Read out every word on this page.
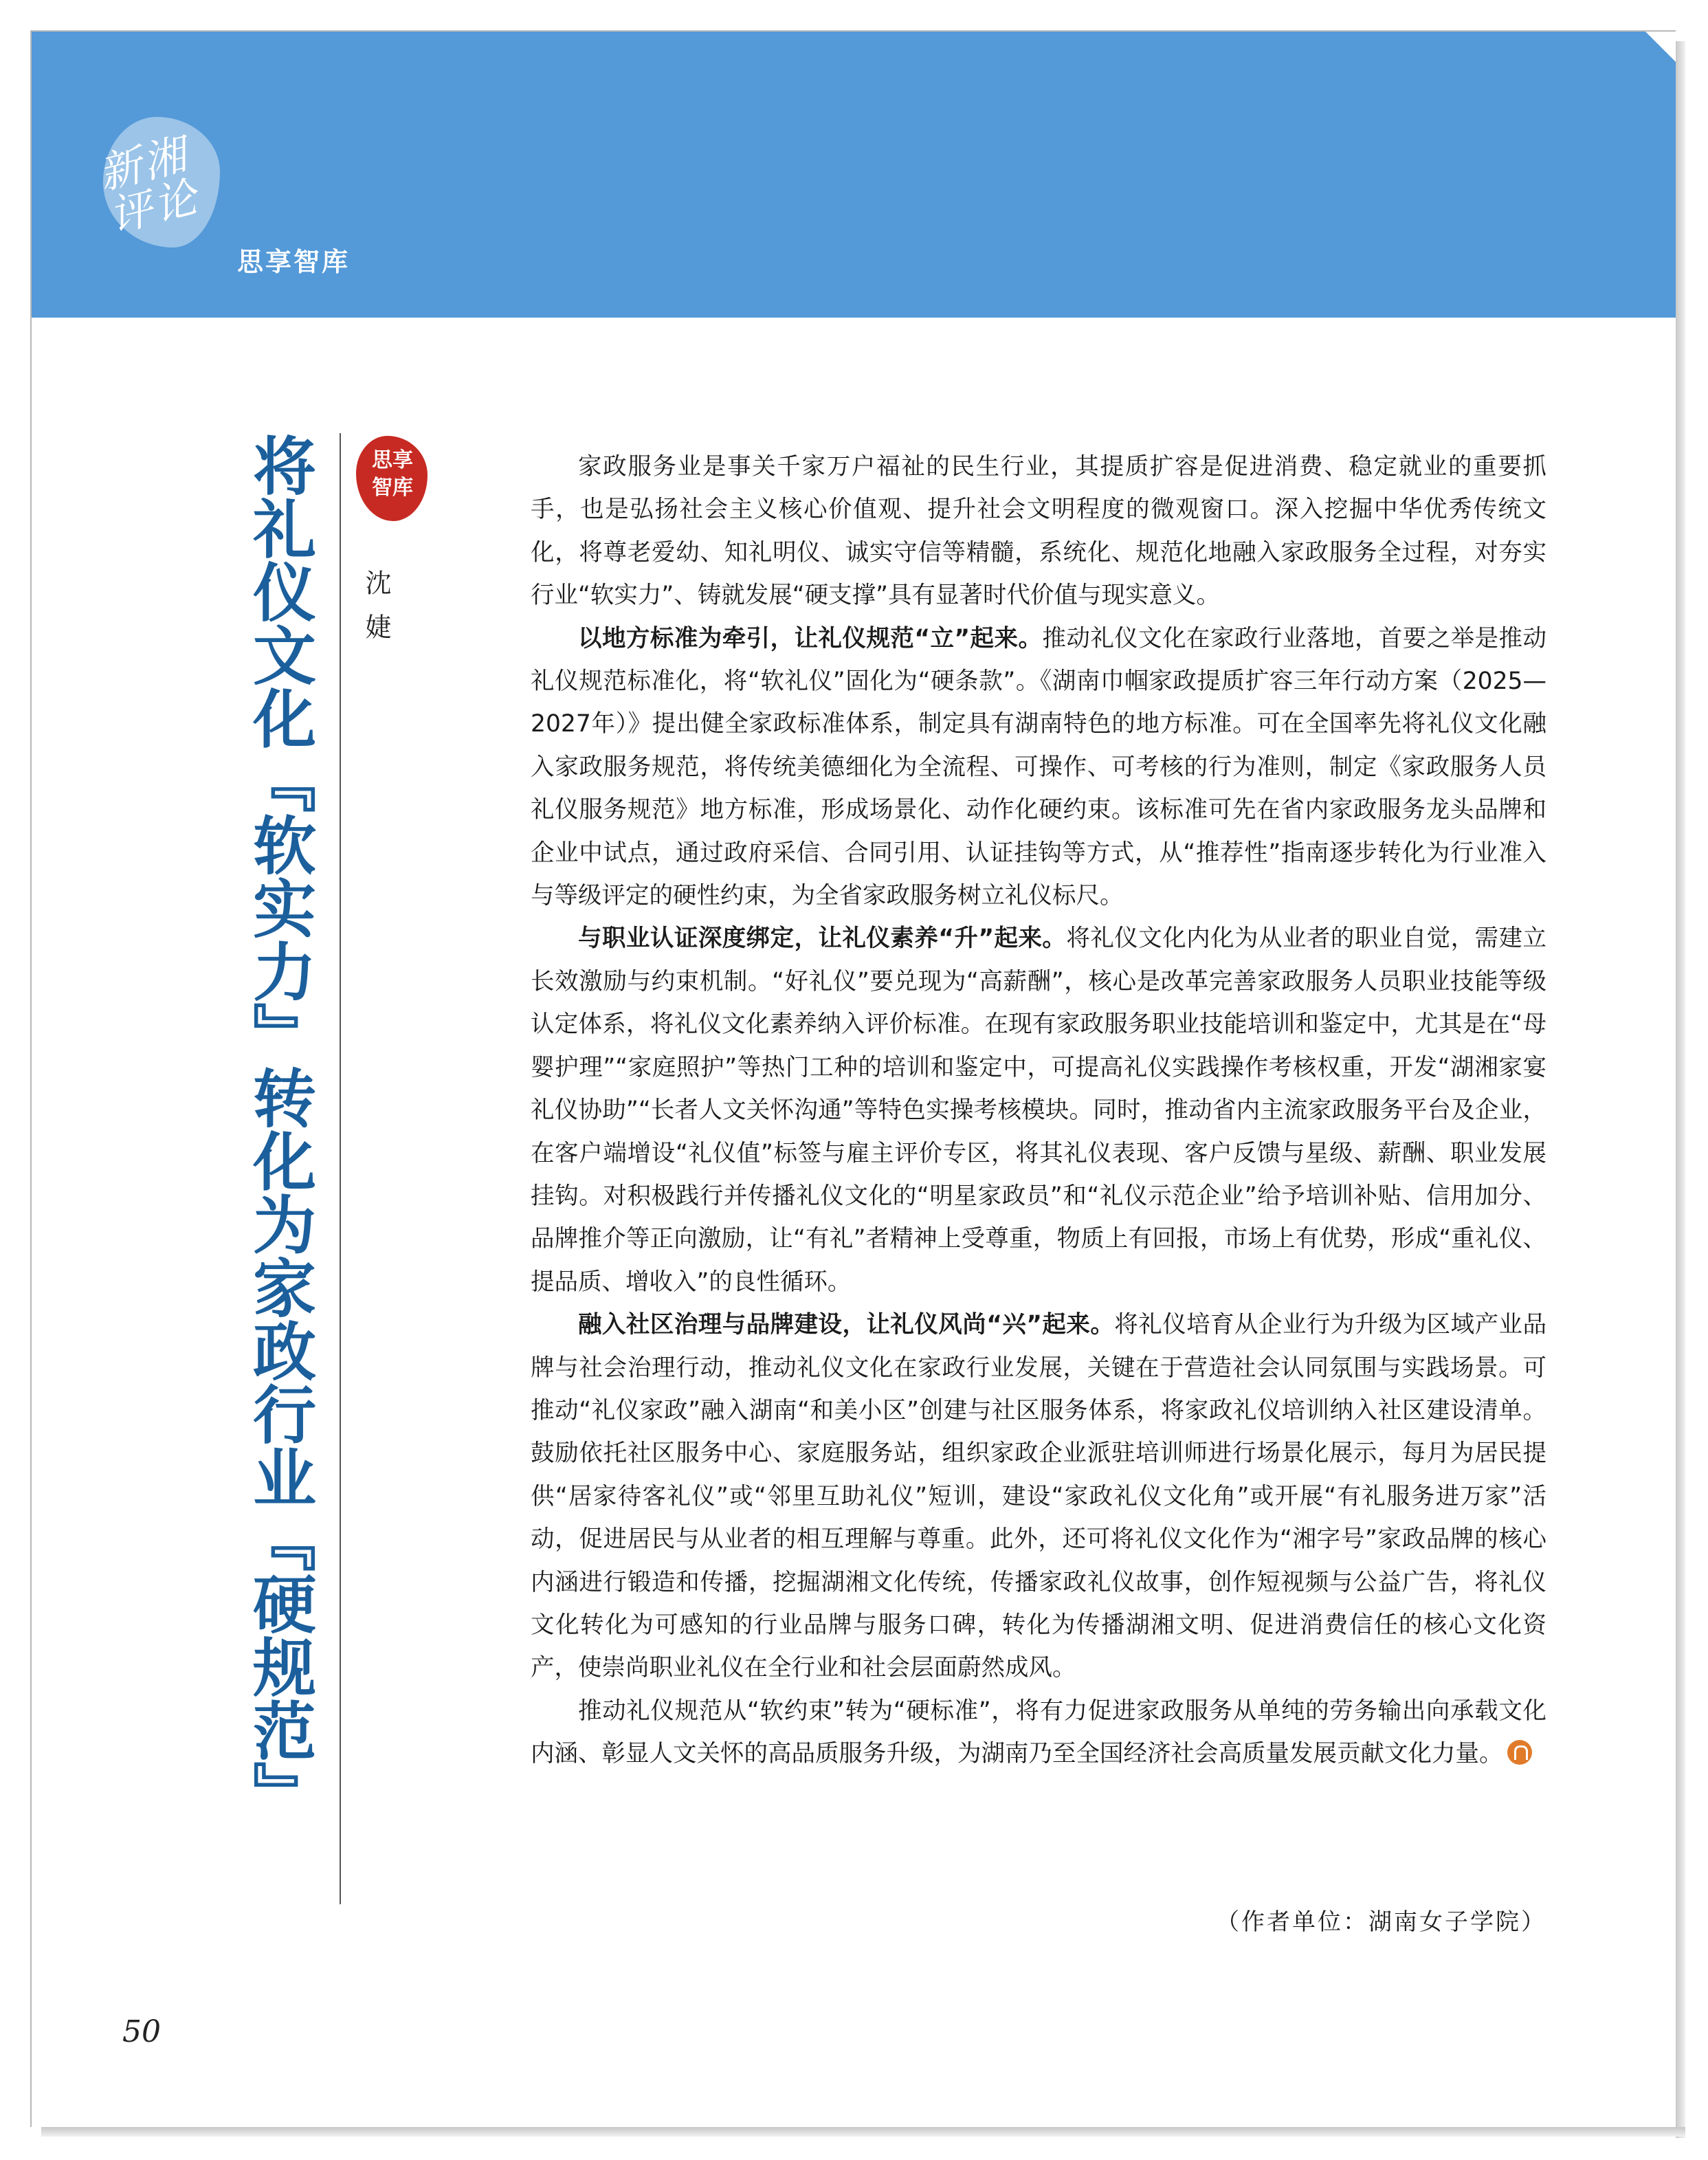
新湘评论
思享智库
将礼仪文化『软实力』转化为家政行业『硬规范』	思享智库
沈婕

家政服务业是事关千家万户福祉的民生行业，其提质扩容是促进消费、稳定就业的重要抓手，也是弘扬社会主义核心价值观、提升社会文明程度的微观窗口。深入挖掘中华优秀传统文化，将尊老爱幼、知礼明仪、诚实守信等精髓，系统化、规范化地融入家政服务全过程，对夯实行业“软实力”、铸就发展“硬支撑”具有显著时代价值与现实意义。

以地方标准为牵引，让礼仪规范“立”起来。推动礼仪文化在家政行业落地，首要之举是推动礼仪规范标准化，将“软礼仪”固化为“硬条款”。《湖南巾帼家政提质扩容三年行动方案（2025—2027年）》提出健全家政标准体系，制定具有湖南特色的地方标准。可在全国率先将礼仪文化融入家政服务规范，将传统美德细化为全流程、可操作、可考核的行为准则，制定《家政服务人员礼仪服务规范》地方标准，形成场景化、动作化硬约束。该标准可先在省内家政服务龙头品牌和企业中试点，通过政府采信、合同引用、认证挂钩等方式，从“推荐性”指南逐步转化为行业准入与等级评定的硬性约束，为全省家政服务树立礼仪标尺。

与职业认证深度绑定，让礼仪素养“升”起来。将礼仪文化内化为从业者的职业自觉，需建立长效激励与约束机制。“好礼仪”要兑现为“高薪酬”，核心是改革完善家政服务人员职业技能等级认定体系，将礼仪文化素养纳入评价标准。在现有家政服务职业技能培训和鉴定中，尤其是在“母婴护理”“家庭照护”等热门工种的培训和鉴定中，可提高礼仪实践操作考核权重，开发“湖湘家宴礼仪协助”“长者人文关怀沟通”等特色实操考核模块。同时，推动省内主流家政服务平台及企业，在客户端增设“礼仪值”标签与雇主评价专区，将其礼仪表现、客户反馈与星级、薪酬、职业发展挂钩。对积极践行并传播礼仪文化的“明星家政员”和“礼仪示范企业”给予培训补贴、信用加分、品牌推介等正向激励，让“有礼”者精神上受尊重，物质上有回报，市场上有优势，形成“重礼仪、提品质、增收入”的良性循环。

融入社区治理与品牌建设，让礼仪风尚“兴”起来。将礼仪培育从企业行为升级为区域产业品牌与社会治理行动，推动礼仪文化在家政行业发展，关键在于营造社会认同氛围与实践场景。可推动“礼仪家政”融入湖南“和美小区”创建与社区服务体系，将家政礼仪培训纳入社区建设清单。鼓励依托社区服务中心、家庭服务站，组织家政企业派驻培训师进行场景化展示，每月为居民提供“居家待客礼仪”或“邻里互助礼仪”短训，建设“家政礼仪文化角”或开展“有礼服务进万家”活动，促进居民与从业者的相互理解与尊重。此外，还可将礼仪文化作为“湘字号”家政品牌的核心内涵进行锻造和传播，挖掘湖湘文化传统，传播家政礼仪故事，创作短视频与公益广告，将礼仪文化转化为可感知的行业品牌与服务口碑，转化为传播湖湘文明、促进消费信任的核心文化资产，使崇尚职业礼仪在全行业和社会层面蔚然成风。

推动礼仪规范从“软约束”转为“硬标准”，将有力促进家政服务从单纯的劳务输出向承载文化内涵、彰显人文关怀的高品质服务升级，为湖南乃至全国经济社会高质量发展贡献文化力量。

（作者单位：湖南女子学院）
50
